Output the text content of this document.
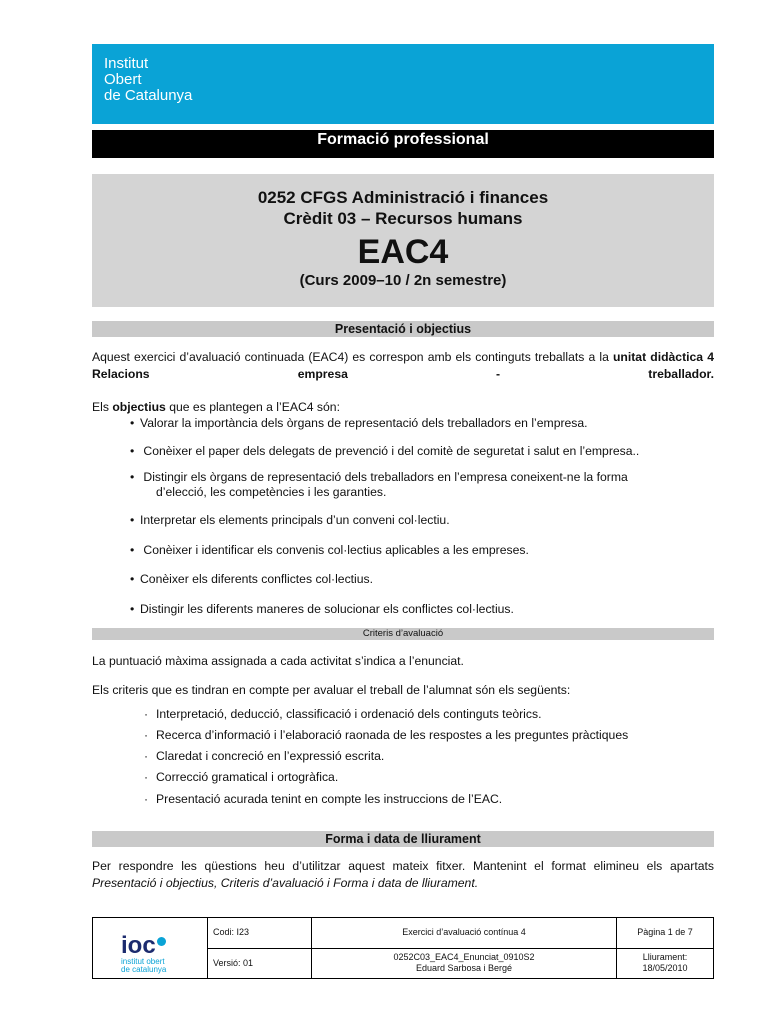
Institut
Obert
de Catalunya
Formació professional
0252 CFGS Administració i finances
Crèdit 03 – Recursos humans
EAC4
(Curs 2009–10 / 2n semestre)
Presentació i objectius
Aquest exercici d’avaluació continuada (EAC4) es correspon amb els continguts treballats a la unitat didàctica 4 Relacions empresa - treballador.
Els objectius que es plantegen a l’EAC4 són:
• Valorar la importància dels òrgans de representació dels treballadors en l’empresa.
• Conèixer el paper dels delegats de prevenció i del comitè de seguretat i salut en l’empresa..
• Distingir els òrgans de representació dels treballadors en l’empresa coneixent-ne la forma
d’elecció, les competències i les garanties.
• Interpretar els elements principals d’un conveni col·lectiu.
• Conèixer i identificar els convenis col·lectius aplicables a les empreses.
• Conèixer els diferents conflictes col·lectius.
• Distingir les diferents maneres de solucionar els conflictes col·lectius.
Criteris d’avaluació
La puntuació màxima assignada a cada activitat s’indica a l’enunciat.
Els criteris que es tindran en compte per avaluar el treball de l’alumnat són els següents:
· Interpretació, deducció, classificació i ordenació dels continguts teòrics.
· Recerca d’informació i l’elaboració raonada de les respostes a les preguntes pràctiques
· Claredat i concreció en l’expressió escrita.
· Correcció gramatical i ortogràfica.
· Presentació acurada tenint en compte les instruccions de l’EAC.
Forma i data de lliurament
Per respondre les qüestions heu d’utilitzar aquest mateix fitxer. Mantenint el format elimineu els apartats
Presentació i objectius, Criteris d’avaluació i Forma i data de lliurament.
ioc
institut obert
de catalunya
Codi: I23
Versió: 01
Exercici d’avaluació contínua 4
0252C03_EAC4_Enunciat_0910S2
Eduard Sarbosa i Bergé
Pàgina 1 de 7
Lliurament:
18/05/2010
